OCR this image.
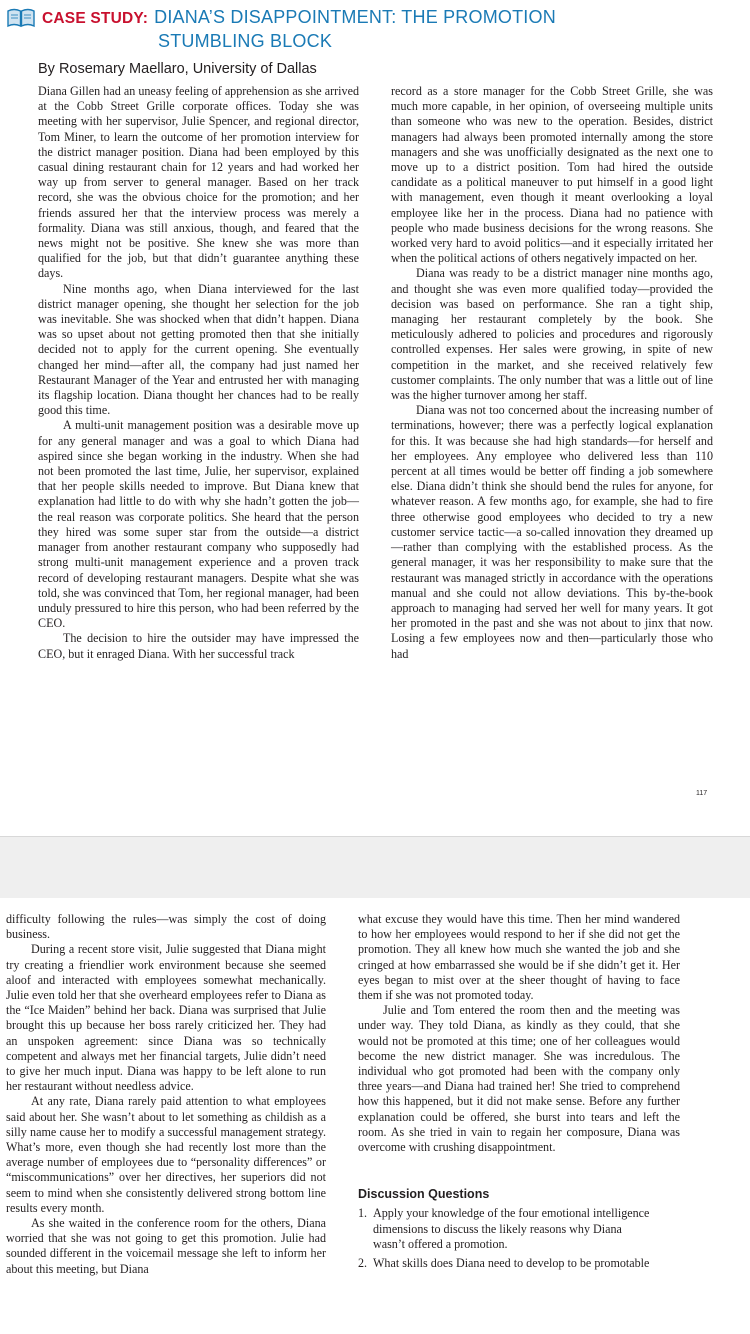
CASE STUDY: DIANA’S DISAPPOINTMENT: THE PROMOTION
STUMBLING BLOCK
By Rosemary Maellaro, University of Dallas

Diana Gillen had an uneasy feeling of apprehension as she arrived at the Cobb Street Grille corporate offices. Today she was meeting with her supervisor, Julie Spencer, and regional director, Tom Miner, to learn the outcome of her promotion interview for the district manager position. Diana had been employed by this casual dining restaurant chain for 12 years and had worked her way up from server to general manager. Based on her track record, she was the obvious choice for the promotion; and her friends assured her that the interview process was merely a formality. Diana was still anxious, though, and feared that the news might not be positive. She knew she was more than qualified for the job, but that didn’t guarantee anything these days.

Nine months ago, when Diana interviewed for the last district manager opening, she thought her selection for the job was inevitable. She was shocked when that didn’t happen. Diana was so upset about not getting promoted then that she initially decided not to apply for the current opening. She eventually changed her mind—after all, the company had just named her Restaurant Manager of the Year and entrusted her with managing its flagship location. Diana thought her chances had to be really good this time.

A multi-unit management position was a desirable move up for any general manager and was a goal to which Diana had aspired since she began working in the industry. When she had not been promoted the last time, Julie, her supervisor, explained that her people skills needed to improve. But Diana knew that explanation had little to do with why she hadn’t gotten the job—the real reason was corporate politics. She heard that the person they hired was some super star from the outside—a district manager from another restaurant company who supposedly had strong multi-unit management experience and a proven track record of developing restaurant managers. Despite what she was told, she was convinced that Tom, her regional manager, had been unduly pressured to hire this person, who had been referred by the CEO.

The decision to hire the outsider may have impressed the CEO, but it enraged Diana. With her successful track

record as a store manager for the Cobb Street Grille, she was much more capable, in her opinion, of overseeing multiple units than someone who was new to the operation. Besides, district managers had always been promoted internally among the store managers and she was unofficially designated as the next one to move up to a district position. Tom had hired the outside candidate as a political maneuver to put himself in a good light with management, even though it meant overlooking a loyal employee like her in the process. Diana had no patience with people who made business decisions for the wrong reasons. She worked very hard to avoid politics—and it especially irritated her when the political actions of others negatively impacted on her.

Diana was ready to be a district manager nine months ago, and thought she was even more qualified today—provided the decision was based on performance. She ran a tight ship, managing her restaurant completely by the book. She meticulously adhered to policies and procedures and rigorously controlled expenses. Her sales were growing, in spite of new competition in the market, and she received relatively few customer complaints. The only number that was a little out of line was the higher turnover among her staff.

Diana was not too concerned about the increasing number of terminations, however; there was a perfectly logical explanation for this. It was because she had high standards—for herself and her employees. Any employee who delivered less than 110 percent at all times would be better off finding a job somewhere else. Diana didn’t think she should bend the rules for anyone, for whatever reason. A few months ago, for example, she had to fire three otherwise good employees who decided to try a new customer service tactic—a so-called innovation they dreamed up—rather than complying with the established process. As the general manager, it was her responsibility to make sure that the restaurant was managed strictly in accordance with the operations manual and she could not allow deviations. This by-the-book approach to managing had served her well for many years. It got her promoted in the past and she was not about to jinx that now. Losing a few employees now and then—particularly those who had

117

difficulty following the rules—was simply the cost of doing business.

During a recent store visit, Julie suggested that Diana might try creating a friendlier work environment because she seemed aloof and interacted with employees somewhat mechanically. Julie even told her that she overheard employees refer to Diana as the “Ice Maiden” behind her back. Diana was surprised that Julie brought this up because her boss rarely criticized her. They had an unspoken agreement: since Diana was so technically competent and always met her financial targets, Julie didn’t need to give her much input. Diana was happy to be left alone to run her restaurant without needless advice.

At any rate, Diana rarely paid attention to what employees said about her. She wasn’t about to let something as childish as a silly name cause her to modify a successful management strategy. What’s more, even though she had recently lost more than the average number of employees due to “personality differences” or “miscommunications” over her directives, her superiors did not seem to mind when she consistently delivered strong bottom line results every month.

As she waited in the conference room for the others, Diana worried that she was not going to get this promotion. Julie had sounded different in the voicemail message she left to inform her about this meeting, but Diana

what excuse they would have this time. Then her mind wandered to how her employees would respond to her if she did not get the promotion. They all knew how much she wanted the job and she cringed at how embarrassed she would be if she didn’t get it. Her eyes began to mist over at the sheer thought of having to face them if she was not promoted today.

Julie and Tom entered the room then and the meeting was under way. They told Diana, as kindly as they could, that she would not be promoted at this time; one of her colleagues would become the new district manager. She was incredulous. The individual who got promoted had been with the company only three years—and Diana had trained her! She tried to comprehend how this happened, but it did not make sense. Before any further explanation could be offered, she burst into tears and left the room. As she tried in vain to regain her composure, Diana was overcome with crushing disappointment.

Discussion Questions
1. Apply your knowledge of the four emotional intelligence dimensions to discuss the likely reasons why Diana wasn’t offered a promotion.
2. What skills does Diana need to develop to be promotable
